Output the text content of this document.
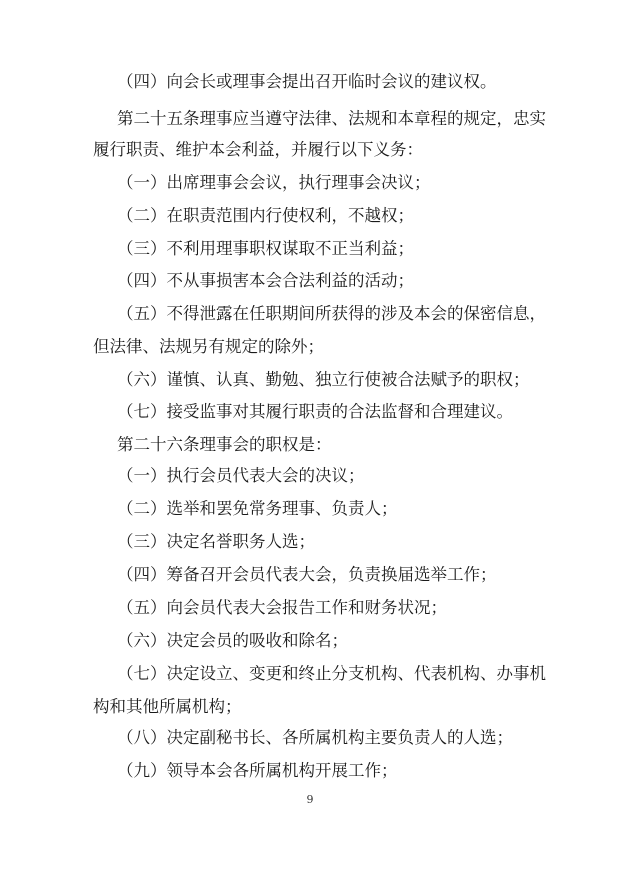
（四）向会长或理事会提出召开临时会议的建议权。
第二十五条理事应当遵守法律、法规和本章程的规定，忠实
履行职责、维护本会利益，并履行以下义务：
（一）出席理事会会议，执行理事会决议；
（二）在职责范围内行使权利，不越权；
（三）不利用理事职权谋取不正当利益；
（四）不从事损害本会合法利益的活动；
（五）不得泄露在任职期间所获得的涉及本会的保密信息，
但法律、法规另有规定的除外；
（六）谨慎、认真、勤勉、独立行使被合法赋予的职权；
（七）接受监事对其履行职责的合法监督和合理建议。
第二十六条理事会的职权是：
（一）执行会员代表大会的决议；
（二）选举和罢免常务理事、负责人；
（三）决定名誉职务人选；
（四）筹备召开会员代表大会，负责换届选举工作；
（五）向会员代表大会报告工作和财务状况；
（六）决定会员的吸收和除名；
（七）决定设立、变更和终止分支机构、代表机构、办事机
构和其他所属机构；
（八）决定副秘书长、各所属机构主要负责人的人选；
（九）领导本会各所属机构开展工作；
9
